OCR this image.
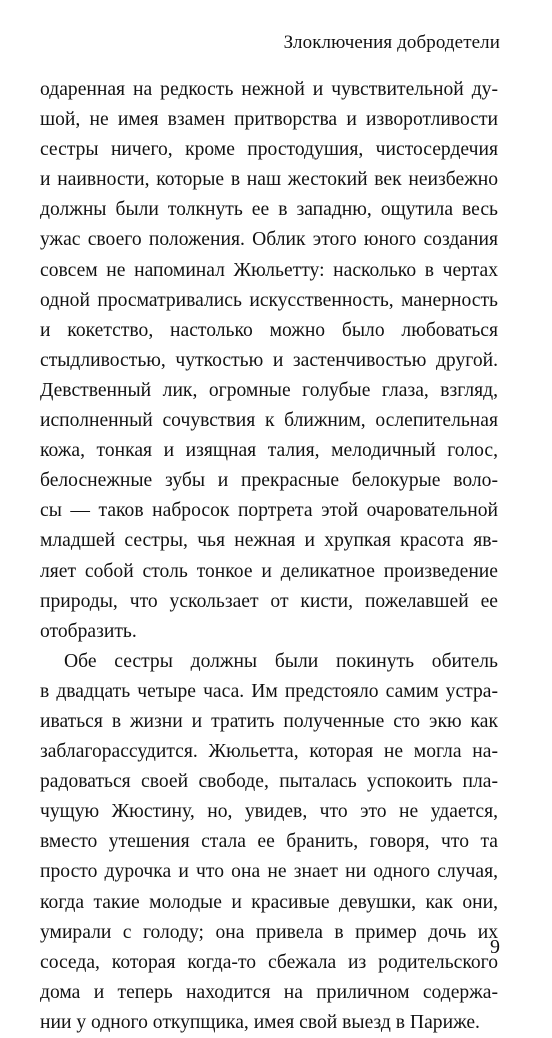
Злоключения добродетели
одаренная на редкость нежной и чувствительной ду-
шой, не имея взамен притворства и изворотливости
сестры ничего, кроме простодушия, чистосердечия
и наивности, которые в наш жестокий век неизбежно
должны были толкнуть ее в западню, ощутила весь
ужас своего положения. Облик этого юного создания
совсем не напоминал Жюльетту: насколько в чертах
одной просматривались искусственность, манерность
и кокетство, настолько можно было любоваться
стыдливостью, чуткостью и застенчивостью другой.
Девственный лик, огромные голубые глаза, взгляд,
исполненный сочувствия к ближним, ослепительная
кожа, тонкая и изящная талия, мелодичный голос,
белоснежные зубы и прекрасные белокурые воло-
сы — таков набросок портрета этой очаровательной
младшей сестры, чья нежная и хрупкая красота яв-
ляет собой столь тонкое и деликатное произведение
природы, что ускользает от кисти, пожелавшей ее
отобразить.
Обе сестры должны были покинуть обитель
в двадцать четыре часа. Им предстояло самим устра-
иваться в жизни и тратить полученные сто экю как
заблагорассудится. Жюльетта, которая не могла на-
радоваться своей свободе, пыталась успокоить пла-
чущую Жюстину, но, увидев, что это не удается,
вместо утешения стала ее бранить, говоря, что та
просто дурочка и что она не знает ни одного случая,
когда такие молодые и красивые девушки, как они,
умирали с голоду; она привела в пример дочь их
соседа, которая когда-то сбежала из родительского
дома и теперь находится на приличном содержа-
нии у одного откупщика, имея свой выезд в Париже.
9
